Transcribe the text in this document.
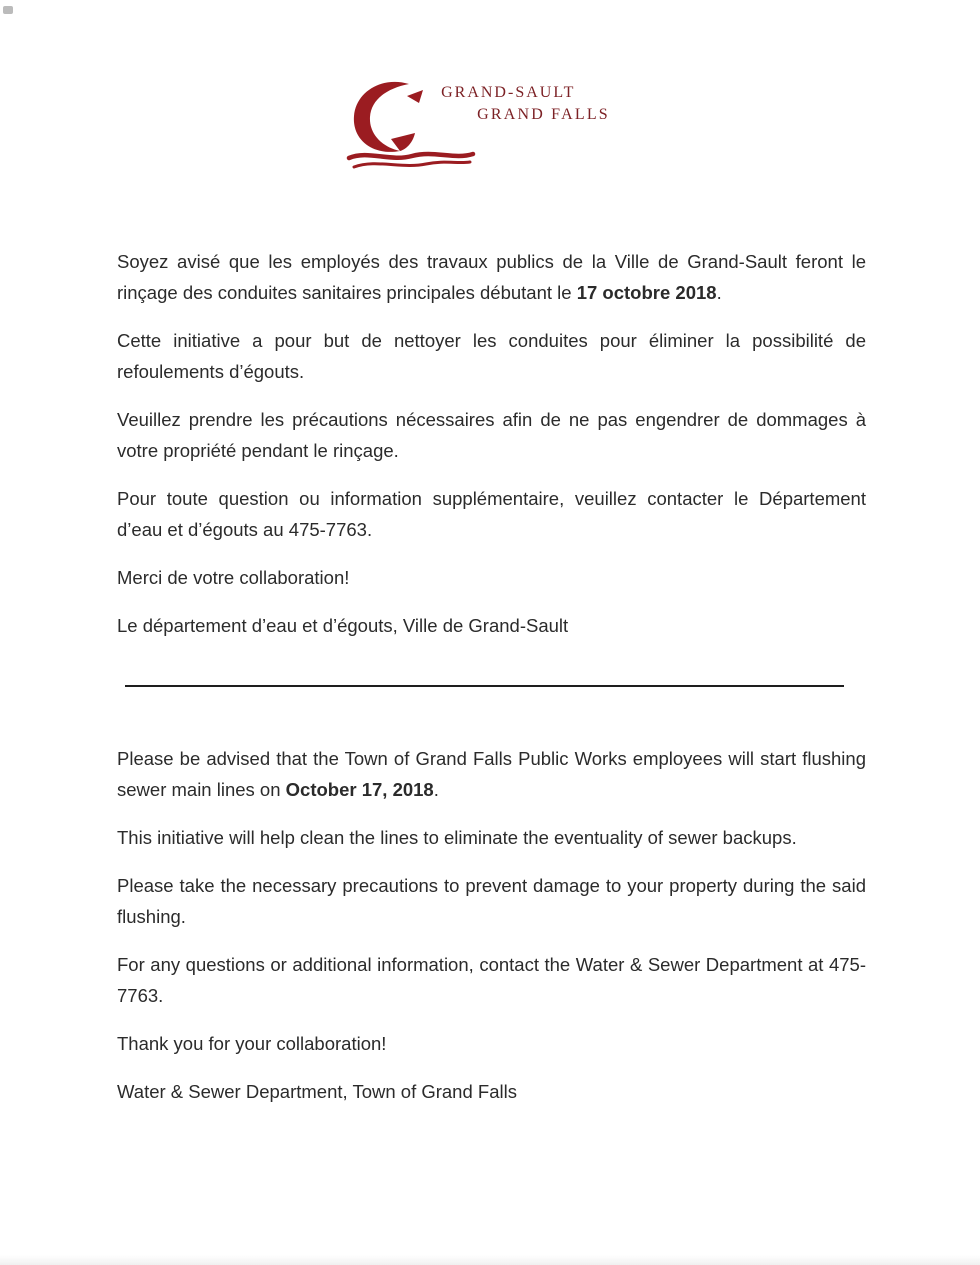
GRAND-SAULT
GRAND FALLS

Soyez avisé que les employés des travaux publics de la Ville de Grand-Sault feront le rinçage des conduites sanitaires principales débutant le 17 octobre 2018.

Cette initiative a pour but de nettoyer les conduites pour éliminer la possibilité de refoulements d’égouts.

Veuillez prendre les précautions nécessaires afin de ne pas engendrer de dommages à votre propriété pendant le rinçage.

Pour toute question ou information supplémentaire, veuillez contacter le Département d’eau et d’égouts au 475-7763.

Merci de votre collaboration!

Le département d’eau et d’égouts, Ville de Grand-Sault

Please be advised that the Town of Grand Falls Public Works employees will start flushing sewer main lines on October 17, 2018.

This initiative will help clean the lines to eliminate the eventuality of sewer backups.

Please take the necessary precautions to prevent damage to your property during the said flushing.

For any questions or additional information, contact the Water & Sewer Department at 475-7763.

Thank you for your collaboration!

Water & Sewer Department, Town of Grand Falls
